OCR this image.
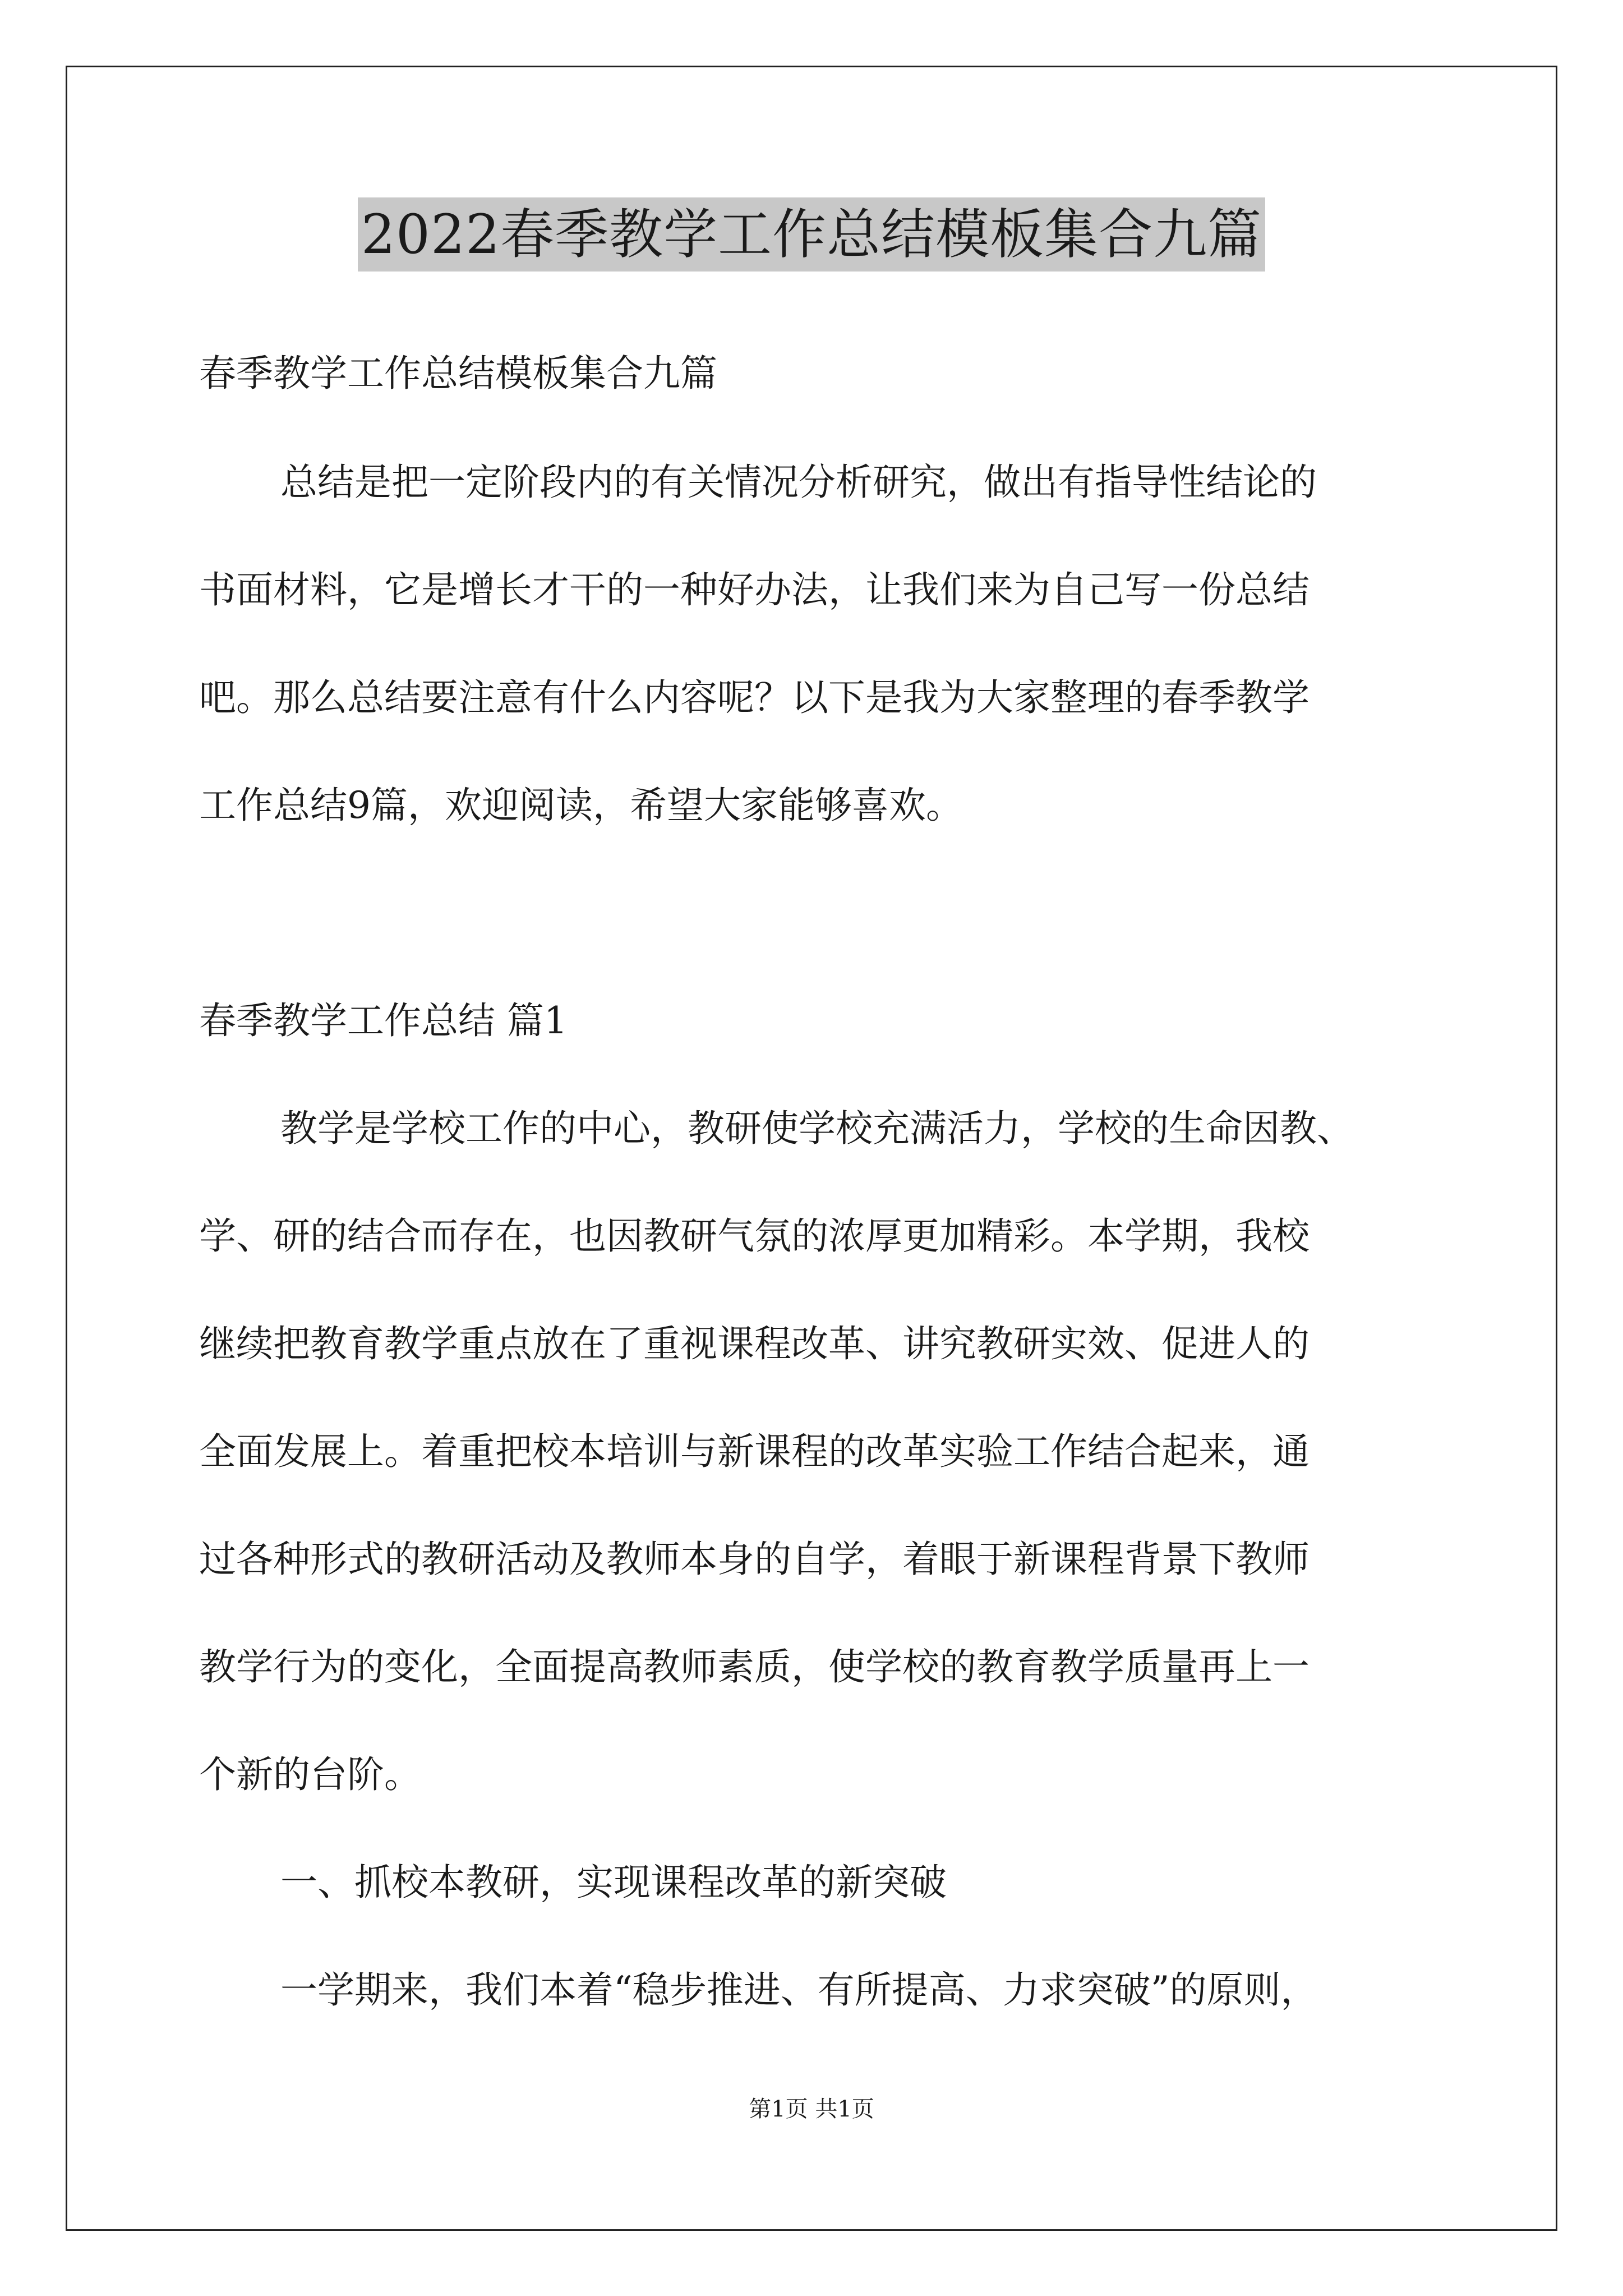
2022春季教学工作总结模板集合九篇
春季教学工作总结模板集合九篇
总结是把一定阶段内的有关情况分析研究，做出有指导性结论的
书面材料，它是增长才干的一种好办法，让我们来为自己写一份总结
吧。那么总结要注意有什么内容呢？以下是我为大家整理的春季教学
工作总结9篇，欢迎阅读，希望大家能够喜欢。
春季教学工作总结 篇1
教学是学校工作的中心，教研使学校充满活力，学校的生命因教、
学、研的结合而存在，也因教研气氛的浓厚更加精彩。本学期，我校
继续把教育教学重点放在了重视课程改革、讲究教研实效、促进人的
全面发展上。着重把校本培训与新课程的改革实验工作结合起来，通
过各种形式的教研活动及教师本身的自学，着眼于新课程背景下教师
教学行为的变化，全面提高教师素质，使学校的教育教学质量再上一
个新的台阶。
一、抓校本教研，实现课程改革的新突破
一学期来，我们本着“稳步推进、有所提高、力求突破”的原则，
第1页 共1页
